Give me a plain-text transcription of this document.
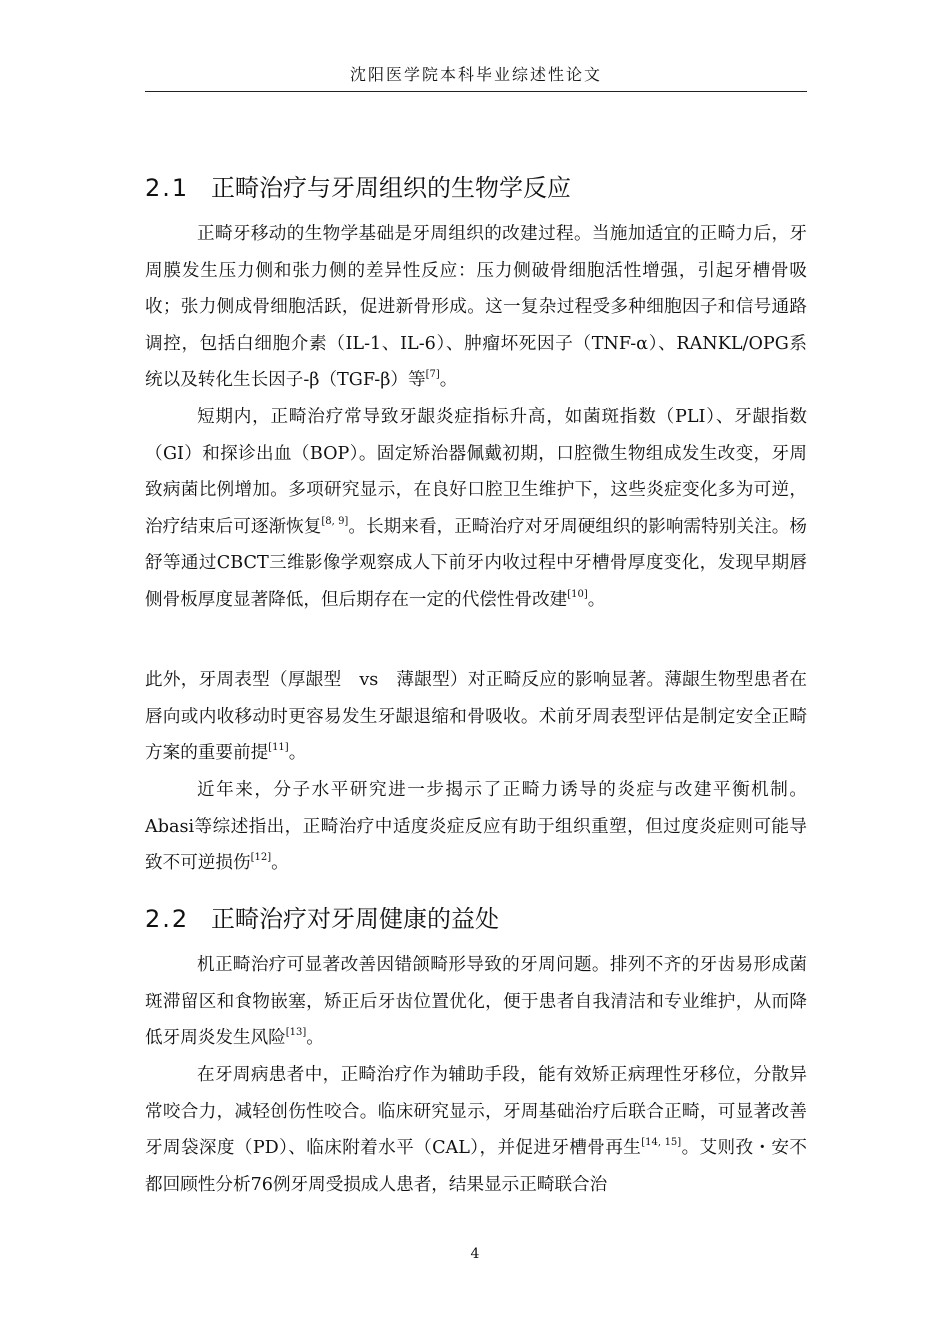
沈阳医学院本科毕业综述性论文
2.1 正畸治疗与牙周组织的生物学反应

正畸牙移动的生物学基础是牙周组织的改建过程。当施加适宜的正畸力后，牙周膜发生压力侧和张力侧的差异性反应：压力侧破骨细胞活性增强，引起牙槽骨吸收；张力侧成骨细胞活跃，促进新骨形成。这一复杂过程受多种细胞因子和信号通路调控，包括白细胞介素（IL-1、IL-6）、肿瘤坏死因子（TNF-α）、RANKL/OPG系统以及转化生长因子-β（TGF-β）等[7]。

短期内，正畸治疗常导致牙龈炎症指标升高，如菌斑指数（PLI）、牙龈指数（GI）和探诊出血（BOP）。固定矫治器佩戴初期，口腔微生物组成发生改变，牙周致病菌比例增加。多项研究显示，在良好口腔卫生维护下，这些炎症变化多为可逆，治疗结束后可逐渐恢复[8, 9]。长期来看，正畸治疗对牙周硬组织的影响需特别关注。杨舒等通过CBCT三维影像学观察成人下前牙内收过程中牙槽骨厚度变化，发现早期唇侧骨板厚度显著降低，但后期存在一定的代偿性骨改建[10]。

此外，牙周表型（厚龈型　vs　薄龈型）对正畸反应的影响显著。薄龈生物型患者在唇向或内收移动时更容易发生牙龈退缩和骨吸收。术前牙周表型评估是制定安全正畸方案的重要前提[11]。

近年来，分子水平研究进一步揭示了正畸力诱导的炎症与改建平衡机制。Abasi等综述指出，正畸治疗中适度炎症反应有助于组织重塑，但过度炎症则可能导致不可逆损伤[12]。

2.2 正畸治疗对牙周健康的益处

机正畸治疗可显著改善因错颌畸形导致的牙周问题。排列不齐的牙齿易形成菌斑滞留区和食物嵌塞，矫正后牙齿位置优化，便于患者自我清洁和专业维护，从而降低牙周炎发生风险[13]。

在牙周病患者中，正畸治疗作为辅助手段，能有效矫正病理性牙移位，分散异常咬合力，减轻创伤性咬合。临床研究显示，牙周基础治疗后联合正畸，可显著改善牙周袋深度（PD）、临床附着水平（CAL），并促进牙槽骨再生[14, 15]。艾则孜・安不都回顾性分析76例牙周受损成人患者，结果显示正畸联合治

4
